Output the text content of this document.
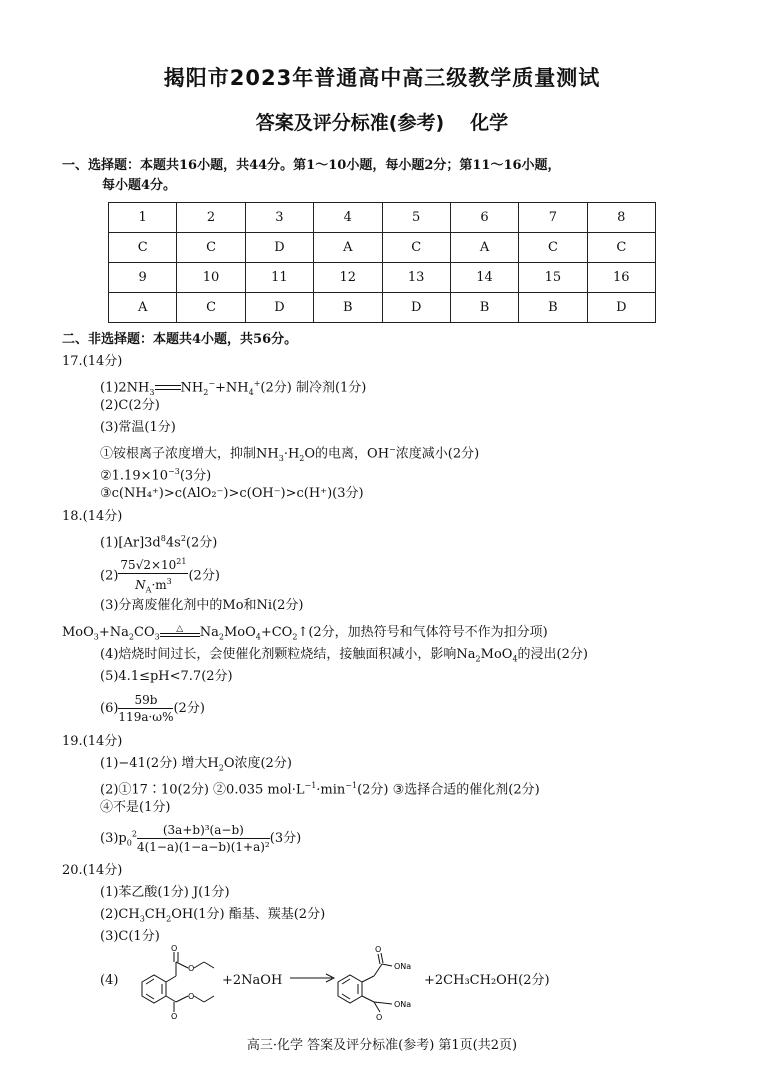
揭阳市2023年普通高中高三级教学质量测试
答案及评分标准(参考) 化学
一、选择题：本题共16小题，共44分。第1～10小题，每小题2分；第11～16小题，
每小题4分。
1	2	3	4	5	6	7	8
C	C	D	A	C	A	C	C
9	10	11	12	13	14	15	16
A	C	D	B	D	B	B	D
二、非选择题：本题共4小题，共56分。
17.(14分)
$(1)2NH_3$ $NH_2^-+NH_4^+(2$分) 制冷剂(1分)
(2)C(2分)
(3)常温(1分)
①铵根离子浓度增大，抑制$NH_3\cdot H_2O$的电离，OH−浓度减小(2分)
$②1.19\times 10^{-3}(3$分)
③c(NH₄⁺)>c(AlO₂⁻)>c(OH⁻)>c(H⁺)(3分)
18.(14分)
$(1)[Ar]3d^84s^2(2$分)
$(2) \frac{75√2\times 10^{21}}{N_A\cdot m^3} (2$分)
(3)分离废催化剂中的Mo和Ni(2分)
$MoO_3+Na_2CO_3$
△	$Na_2MoO_4+CO_2↑(2$分，加热符号和气体符号不作为扣分项)
(4)焙烧时间过长，会使催化剂颗粒烧结，接触面积减小，影响$Na_2MoO_4$的浸出(2分)
(5)4.1≤pH<7.7(2分)
$(6) \frac{59b}{119a\cdot\omega\%} (2$分)
19.(14分)
(1)−41(2分) 增大$H_2O$浓度(2分)
(2)①17∶10(2分) ②0.035 $mol\cdot L^{-1}\cdot\min^{-1}(2$分) ③选择合适的催化剂(2分)
④不是(1分)
$(3)p_0^2 \frac{\text{(3a+b)³(a−b)}}{\text{4(1−a)(1−a−b)(1+a)²}} (3$分)
20.(14分)
(1)苯乙酸(1分) J(1分)
$(2)CH_3CH_2OH(1$分) 酯基、羰基(2分)
(3)C(1分)
(4)
O
O
O
O
+2NaOH →
O
ONa
ONa
O
+2CH₃CH₂OH(2分)
高三·化学 答案及评分标准(参考) 第1页(共2页)
